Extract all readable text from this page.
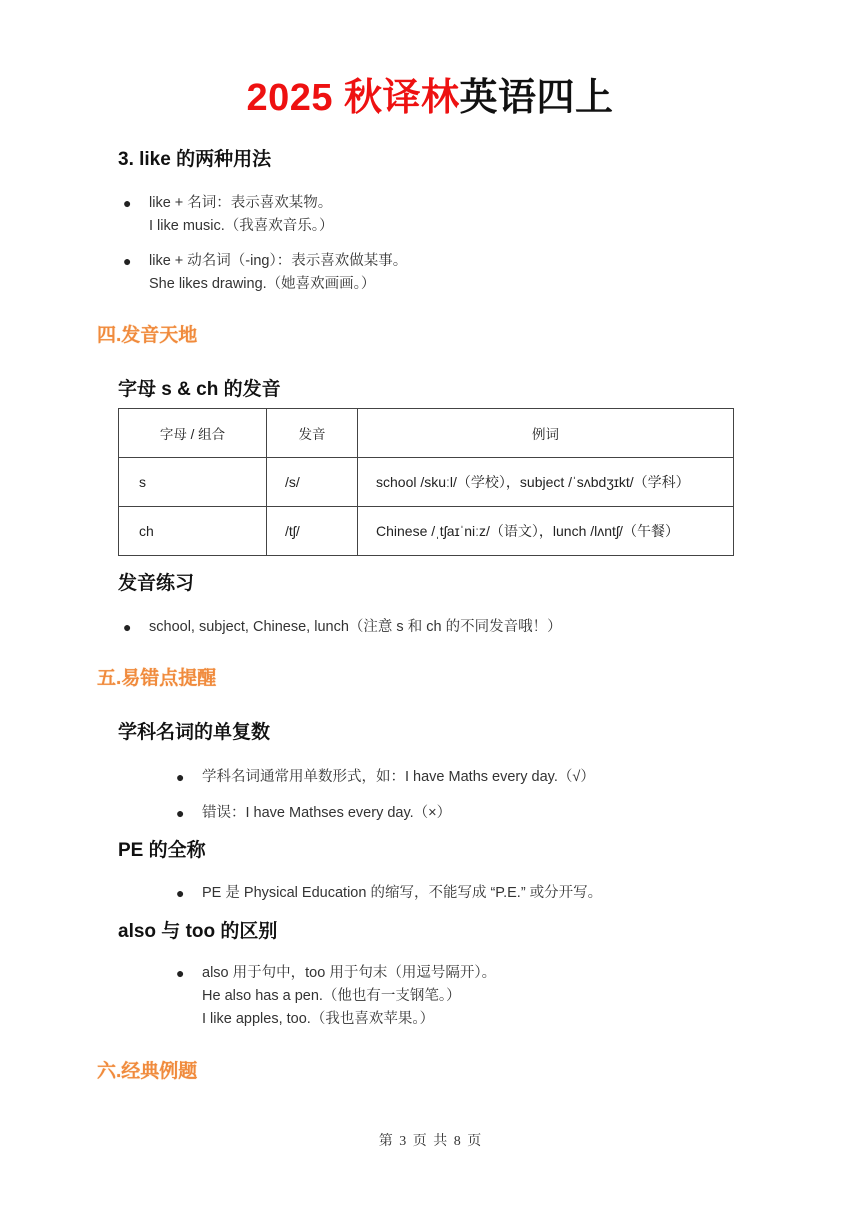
2025 秋译林英语四上
3. like 的两种用法
● like + 名词：表示喜欢某物。
I like music.（我喜欢音乐。）
● like + 动名词（-ing）：表示喜欢做某事。
She likes drawing.（她喜欢画画。）
四.发音天地
字母 s & ch 的发音
字母 / 组合	发音	例词
s	/s/	school /skuːl/（学校），subject /ˈsʌbdʒɪkt/（学科）
ch	/tʃ/	Chinese /ˌtʃaɪˈniːz/（语文），lunch /lʌntʃ/（午餐）
发音练习
● school, subject, Chinese, lunch（注意 s 和 ch 的不同发音哦！）
五.易错点提醒
学科名词的单复数
● 学科名词通常用单数形式，如：I have Maths every day.（√）
● 错误：I have Mathses every day.（×）
PE 的全称
● PE 是 Physical Education 的缩写，不能写成 “P.E.” 或分开写。
also 与 too 的区别
● also 用于句中，too 用于句末（用逗号隔开）。
He also has a pen.（他也有一支钢笔。）
I like apples, too.（我也喜欢苹果。）
六.经典例题
第 3 页 共 8 页
